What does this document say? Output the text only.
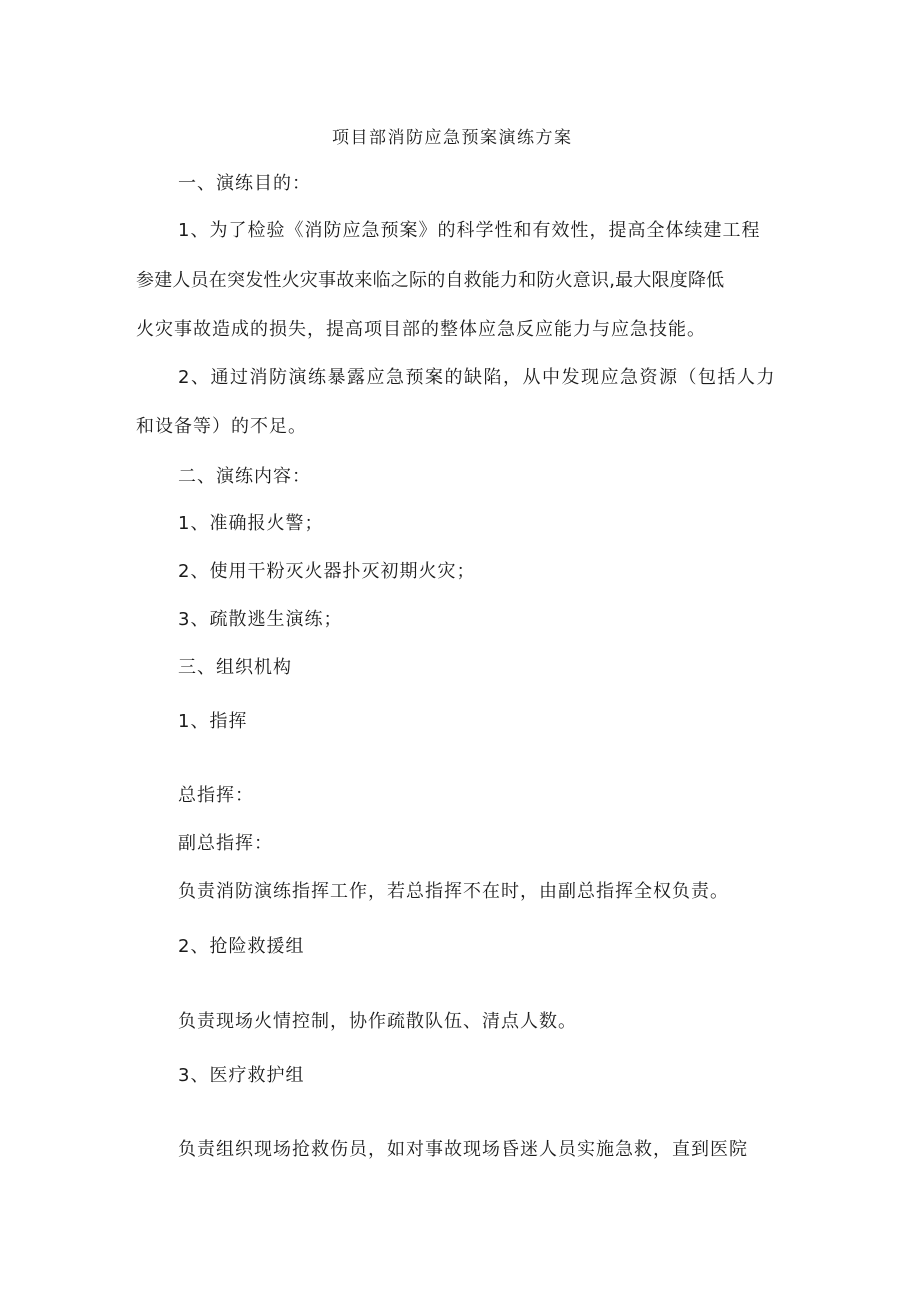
项目部消防应急预案演练方案
一、演练目的：
1、为了检验《消防应急预案》的科学性和有效性，提高全体续建工程
参建人员在突发性火灾事故来临之际的自救能力和防火意识,最大限度降低
火灾事故造成的损失，提高项目部的整体应急反应能力与应急技能。
2、通过消防演练暴露应急预案的缺陷，从中发现应急资源（包括人力
和设备等）的不足。
二、演练内容：
1、准确报火警；
2、使用干粉灭火器扑灭初期火灾；
3、疏散逃生演练；
三、组织机构
1、指挥
总指挥：
副总指挥：
负责消防演练指挥工作，若总指挥不在时，由副总指挥全权负责。
2、抢险救援组
负责现场火情控制，协作疏散队伍、清点人数。
3、医疗救护组
负责组织现场抢救伤员，如对事故现场昏迷人员实施急救，直到医院
